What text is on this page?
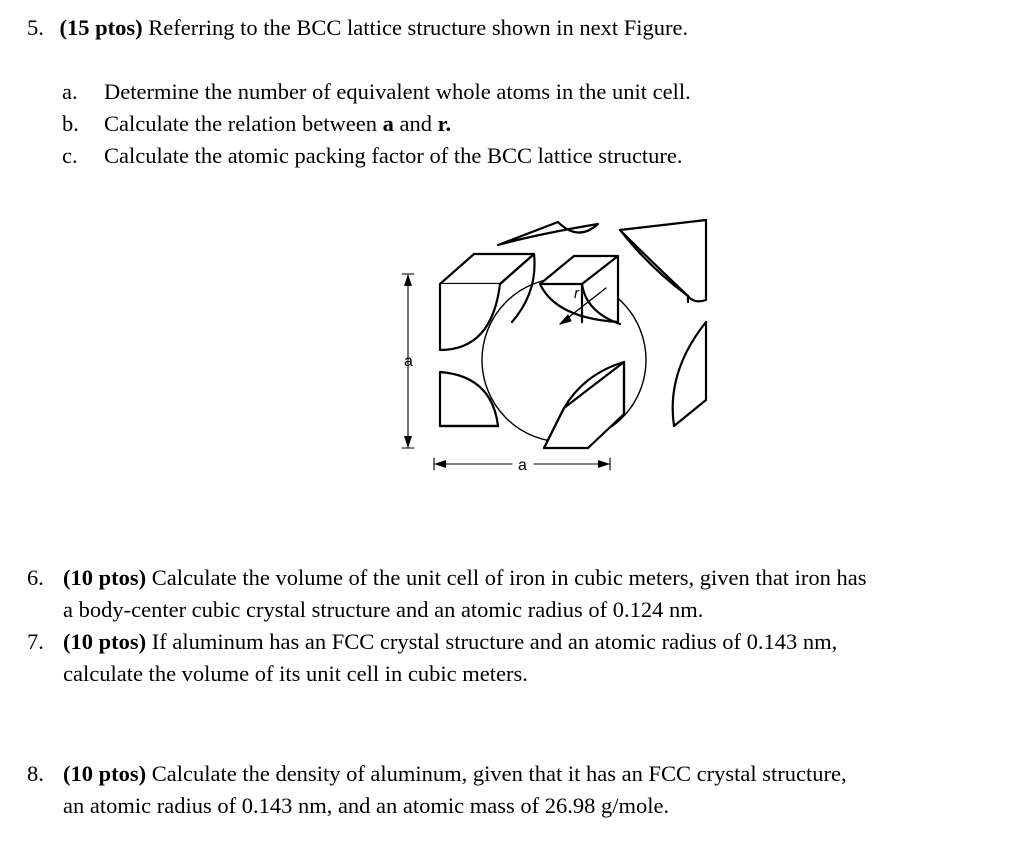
5. (15 ptos) Referring to the BCC lattice structure shown in next Figure.
a. Determine the number of equivalent whole atoms in the unit cell.
b. Calculate the relation between a and r.
c. Calculate the atomic packing factor of the BCC lattice structure.
r
a
a
6. (10 ptos) Calculate the volume of the unit cell of iron in cubic meters, given that iron has
a body-center cubic crystal structure and an atomic radius of 0.124 nm.
7. (10 ptos) If aluminum has an FCC crystal structure and an atomic radius of 0.143 nm,
calculate the volume of its unit cell in cubic meters.
8. (10 ptos) Calculate the density of aluminum, given that it has an FCC crystal structure,
an atomic radius of 0.143 nm, and an atomic mass of 26.98 g/mole.
